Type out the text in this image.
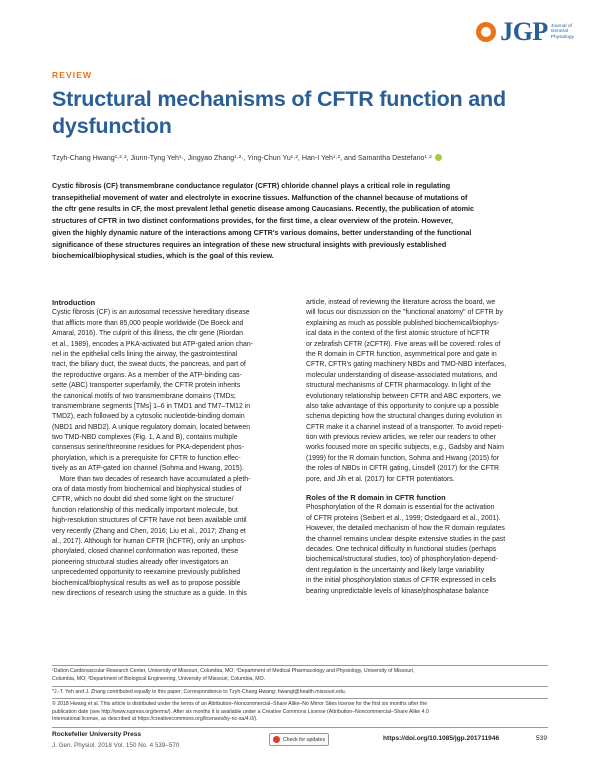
JGP Journal of
General
Physiology
REVIEW
Structural mechanisms of CFTR function and
dysfunction
Tzyh-Chang Hwang¹·²·³, Jiunn-Tyng Yeh¹·, Jingyao Zhang¹·²·, Ying-Chun Yu¹·², Han-I Yeh¹·², and Samantha Destefano¹·²
Cystic fibrosis (CF) transmembrane conductance regulator (CFTR) chloride channel plays a critical role in regulating
transepithelial movement of water and electrolyte in exocrine tissues. Malfunction of the channel because of mutations of
the cftr gene results in CF, the most prevalent lethal genetic disease among Caucasians. Recently, the publication of atomic
structures of CFTR in two distinct conformations provides, for the first time, a clear overview of the protein. However,
given the highly dynamic nature of the interactions among CFTR's various domains, better understanding of the functional
significance of these structures requires an integration of these new structural insights with previously established
biochemical/biophysical studies, which is the goal of this review.
Introduction
Cystic fibrosis (CF) is an autosomal recessive hereditary disease
that afflicts more than 85,000 people worldwide (De Boeck and
Amaral, 2016). The culprit of this illness, the cftr gene (Riordan
et al., 1989), encodes a PKA-activated but ATP-gated anion chan-
nel in the epithelial cells lining the airway, the gastrointestinal
tract, the biliary duct, the sweat ducts, the pancreas, and part of
the reproductive organs. As a member of the ATP-binding cas-
sette (ABC) transporter superfamily, the CFTR protein inherits
the canonical motifs of two transmembrane domains (TMDs;
transmembrane segments [TMs] 1–6 in TMD1 and TM7–TM12 in
TMD2), each followed by a cytosolic nucleotide-binding domain
(NBD1 and NBD2). A unique regulatory domain, located between
two TMD-NBD complexes (Fig. 1, A and B), contains multiple
consensus serine/threonine residues for PKA-dependent phos-
phorylation, which is a prerequisite for CFTR to function effec-
tively as an ATP-gated ion channel (Sohma and Hwang, 2015).
More than two decades of research have accumulated a pleth-
ora of data mostly from biochemical and biophysical studies of
CFTR, which no doubt did shed some light on the structure/
function relationship of this medically important molecule, but
high-resolution structures of CFTR have not been available until
very recently (Zhang and Chen, 2016; Liu et al., 2017; Zhang et
al., 2017). Although for human CFTR (hCFTR), only an unphos-
phorylated, closed channel conformation was reported, these
pioneering structural studies already offer investigators an
unprecedented opportunity to reexamine previously published
biochemical/biophysical results as well as to propose possible
new directions of research using the structure as a guide. In this
article, instead of reviewing the literature across the board, we
will focus our discussion on the "functional anatomy" of CFTR by
explaining as much as possible published biochemical/biophys-
ical data in the context of the first atomic structure of hCFTR
or zebrafish CFTR (zCFTR). Five areas will be covered: roles of
the R domain in CFTR function, asymmetrical pore and gate in
CFTR, CFTR's gating machinery NBDs and TMD-NBD interfaces,
molecular understanding of disease-associated mutations, and
structural mechanisms of CFTR pharmacology. In light of the
evolutionary relationship between CFTR and ABC exporters, we
also take advantage of this opportunity to conjure up a possible
schema depicting how the structural changes during evolution in
CFTR make it a channel instead of a transporter. To avoid repeti-
tion with previous review articles, we refer our readers to other
works focused more on specific subjects, e.g., Gadsby and Nairn
(1999) for the R domain function, Sohma and Hwang (2015) for
the roles of NBDs in CFTR gating, Linsdell (2017) for the CFTR
pore, and Jih et al. (2017) for CFTR potentiators.
Roles of the R domain in CFTR function
Phosphorylation of the R domain is essential for the activation
of CFTR proteins (Seibert et al., 1999; Ostedgaard et al., 2001).
However, the detailed mechanism of how the R domain regulates
the channel remains unclear despite extensive studies in the past
decades. One technical difficulty in functional studies (perhaps
biochemical/structural studies, too) of phosphorylation-depend-
dent regulation is the uncertainty and likely large variability
in the initial phosphorylation status of CFTR expressed in cells
bearing unpredictable levels of kinase/phosphatase balance
¹Dalton Cardiovascular Research Center, University of Missouri, Columbia, MO; ²Department of Medical Pharmacology and Physiology, University of Missouri,
Columbia, MO; ³Department of Biological Engineering, University of Missouri, Columbia, MO.
*J.-T. Yeh and J. Zhang contributed equally to this paper; Correspondence to Tzyh-Chang Hwang: hwangt@health.missouri.edu.
© 2018 Hwang et al. This article is distributed under the terms of an Attribution–Noncommercial–Share Alike–No Mirror Sites license for the first six months after the
publication date (see http://www.rupress.org/terms/). After six months it is available under a Creative Commons License (Attribution–Noncommercial–Share Alike 4.0
International license, as described at https://creativecommons.org/licenses/by-nc-sa/4.0/).
Rockefeller University Press
J. Gen. Physiol. 2018 Vol. 150 No. 4 539–570
Check for updates	https://doi.org/10.1085/jgp.201711946	539
